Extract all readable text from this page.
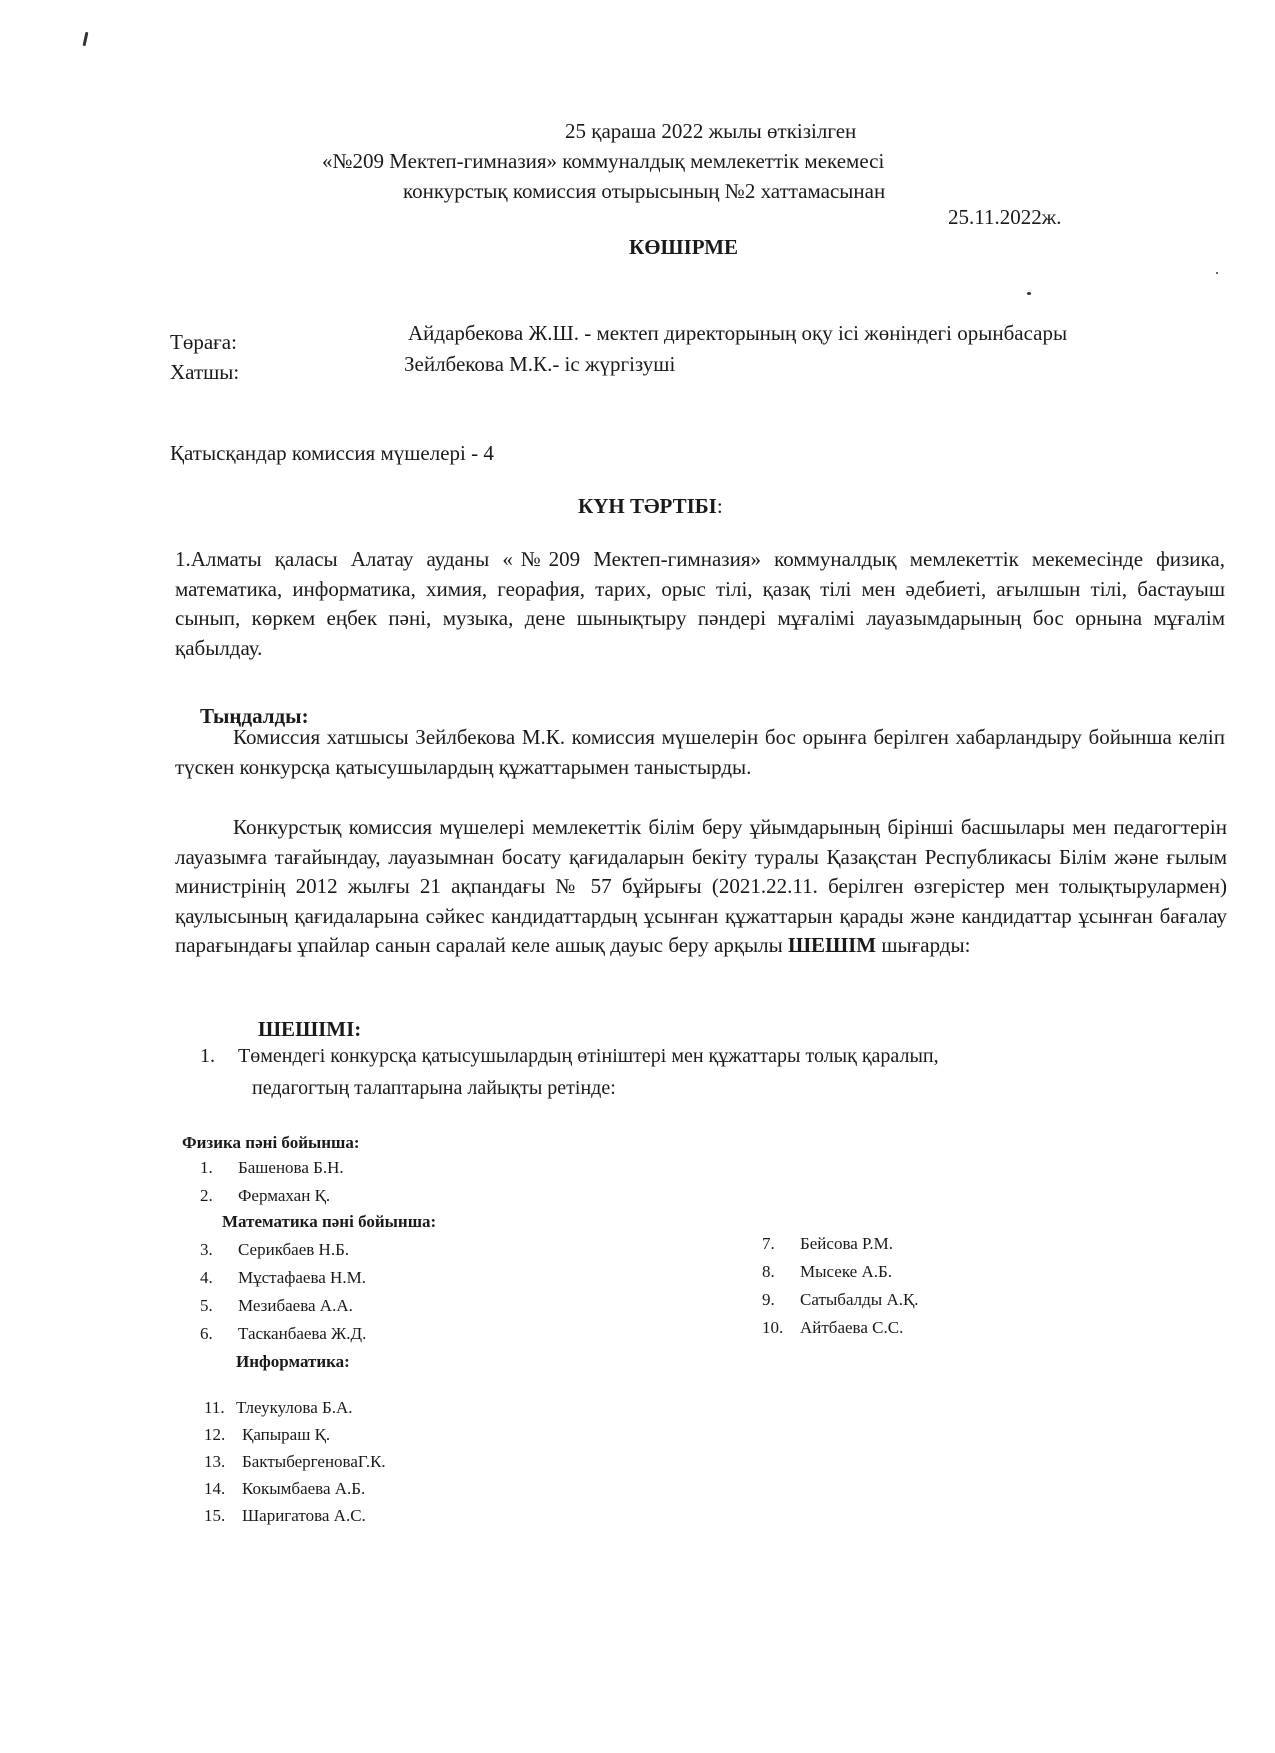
25 қараша 2022 жылы өткізілген
«№209 Мектеп-гимназия» коммуналдық мемлекеттік мекемесі
конкурстық комиссия отырысының №2 хаттамасынан
25.11.2022ж.
КӨШІРМЕ
Төраға:	Айдарбекова Ж.Ш. - мектеп директорының оқу ісі жөніндегі орынбасары
Хатшы:	Зейлбекова М.К.- іс жүргізуші
Қатысқандар комиссия мүшелері - 4
КҮН ТӘРТІБІ:
1.Алматы қаласы Алатау ауданы «№209 Мектеп-гимназия» коммуналдық мемлекеттік мекемесінде физика, математика, информатика, химия, георафия, тарих, орыс тілі, қазақ тілі мен әдебиеті, ағылшын тілі, бастауыш сынып, көркем еңбек пәні, музыка, дене шынықтыру пәндері мұғалімі лауазымдарының бос орнына мұғалім қабылдау.
Тыңдалды:
Комиссия хатшысы Зейлбекова М.К. комиссия мүшелерін бос орынға берілген хабарландыру бойынша келіп түскен конкурсқа қатысушылардың құжаттарымен таныстырды.
Конкурстық комиссия мүшелері мемлекеттік білім беру ұйымдарының бірінші басшылары мен педагогтерін лауазымға тағайындау, лауазымнан босату қағидаларын бекіту туралы Қазақстан Республикасы Білім және ғылым министрінің 2012 жылғы 21 ақпандағы № 57 бұйрығы (2021.22.11. берілген өзгерістер мен толықтырулармен) қаулысының қағидаларына сәйкес кандидаттардың ұсынған құжаттарын қарады және кандидаттар ұсынған бағалау парағындағы ұпайлар санын саралай келе ашық дауыс беру арқылы ШЕШІМ шығарды:
ШЕШІМІ:
1. Төмендегі конкурсқа қатысушылардың өтініштері мен құжаттары толық қаралып,
педагогтың талаптарына лайықты ретінде:
Физика пәні бойынша:
1. Башенова Б.Н.
2. Фермахан Қ.
Математика пәні бойынша:
3. Серикбаев Н.Б.
4. Мұстафаева Н.М.
5. Мезибаева А.А.
6. Тасканбаева Ж.Д.
7. Бейсова Р.М.
8. Мысеке А.Б.
9. Сатыбалды А.Қ.
10. Айтбаева С.С.
Информатика:
11. Тлеукулова Б.А.
12. Қапыраш Қ.
13. БактыбергеноваГ.К.
14. Кокымбаева А.Б.
15. Шаригатова А.С.
